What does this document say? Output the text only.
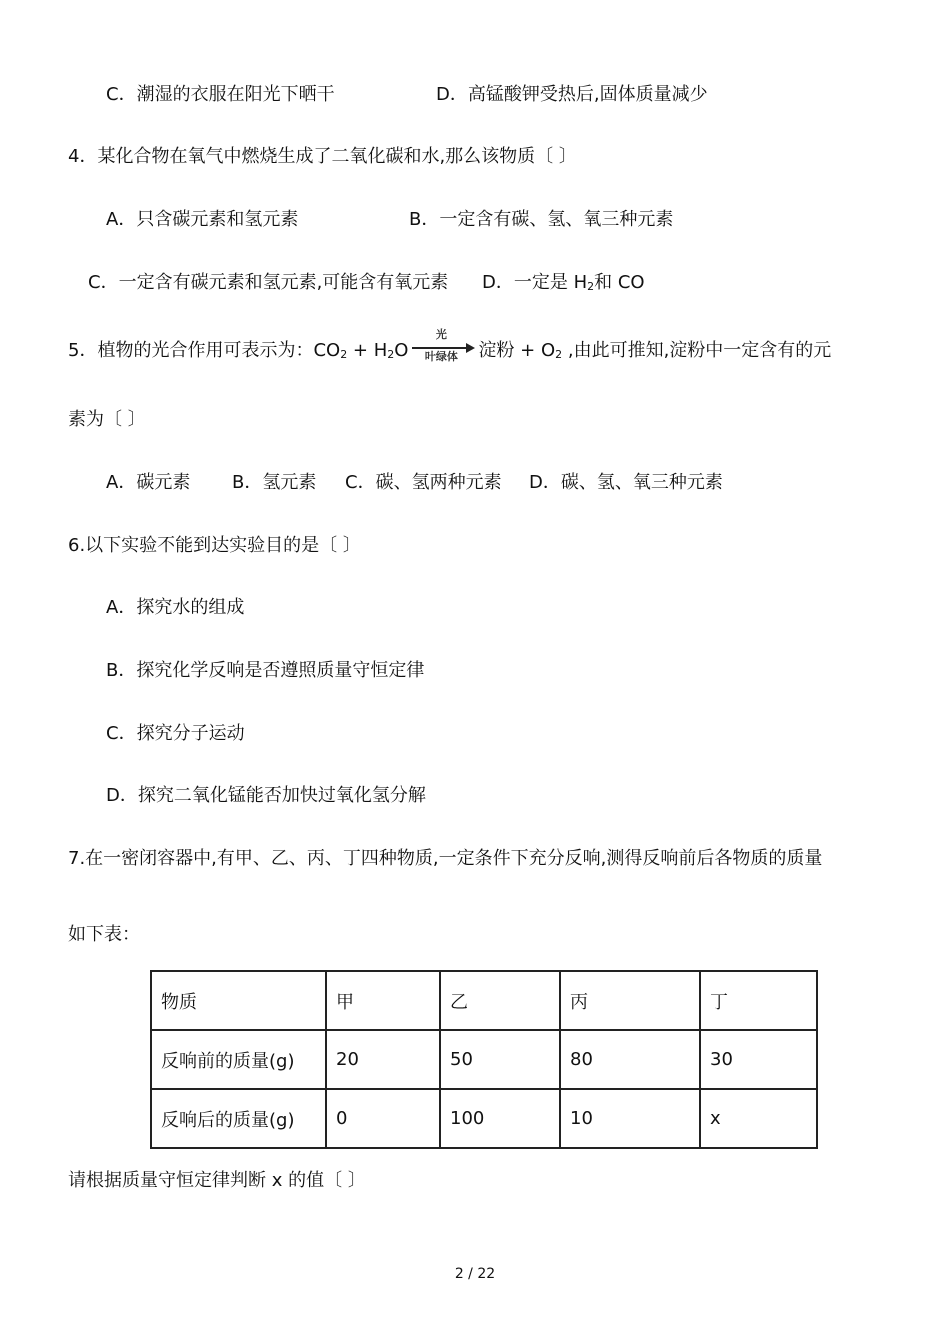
C．潮湿的衣服在阳光下晒干	D．高锰酸钾受热后,固体质量减少
4．某化合物在氧气中燃烧生成了二氧化碳和水,那么该物质〔 〕
A．只含碳元素和氢元素	B．一定含有碳、氢、氧三种元素
C．一定含有碳元素和氢元素,可能含有氧元素 D．一定是 $H_2$和 CO
5．植物的光合作用可表示为：$CO_2 + H_2O$
光
叶绿体	淀粉 + $O_2$ ,由此可推知,淀粉中一定含有的元
素为〔 〕
A．碳元素 B．氢元素 C．碳、氢两种元素 D．碳、氢、氧三种元素
6.以下实验不能到达实验目的是〔 〕
A．探究水的组成
B．探究化学反响是否遵照质量守恒定律
C．探究分子运动
D．探究二氧化锰能否加快过氧化氢分解
7.在一密闭容器中,有甲、乙、丙、丁四种物质,一定条件下充分反响,测得反响前后各物质的质量
如下表：
物质	甲	乙	丙	丁
反响前的质量(g)	20	50	80	30
反响后的质量(g)	0	100	10	x
请根据质量守恒定律判断 x 的值〔 〕
2 / 22
